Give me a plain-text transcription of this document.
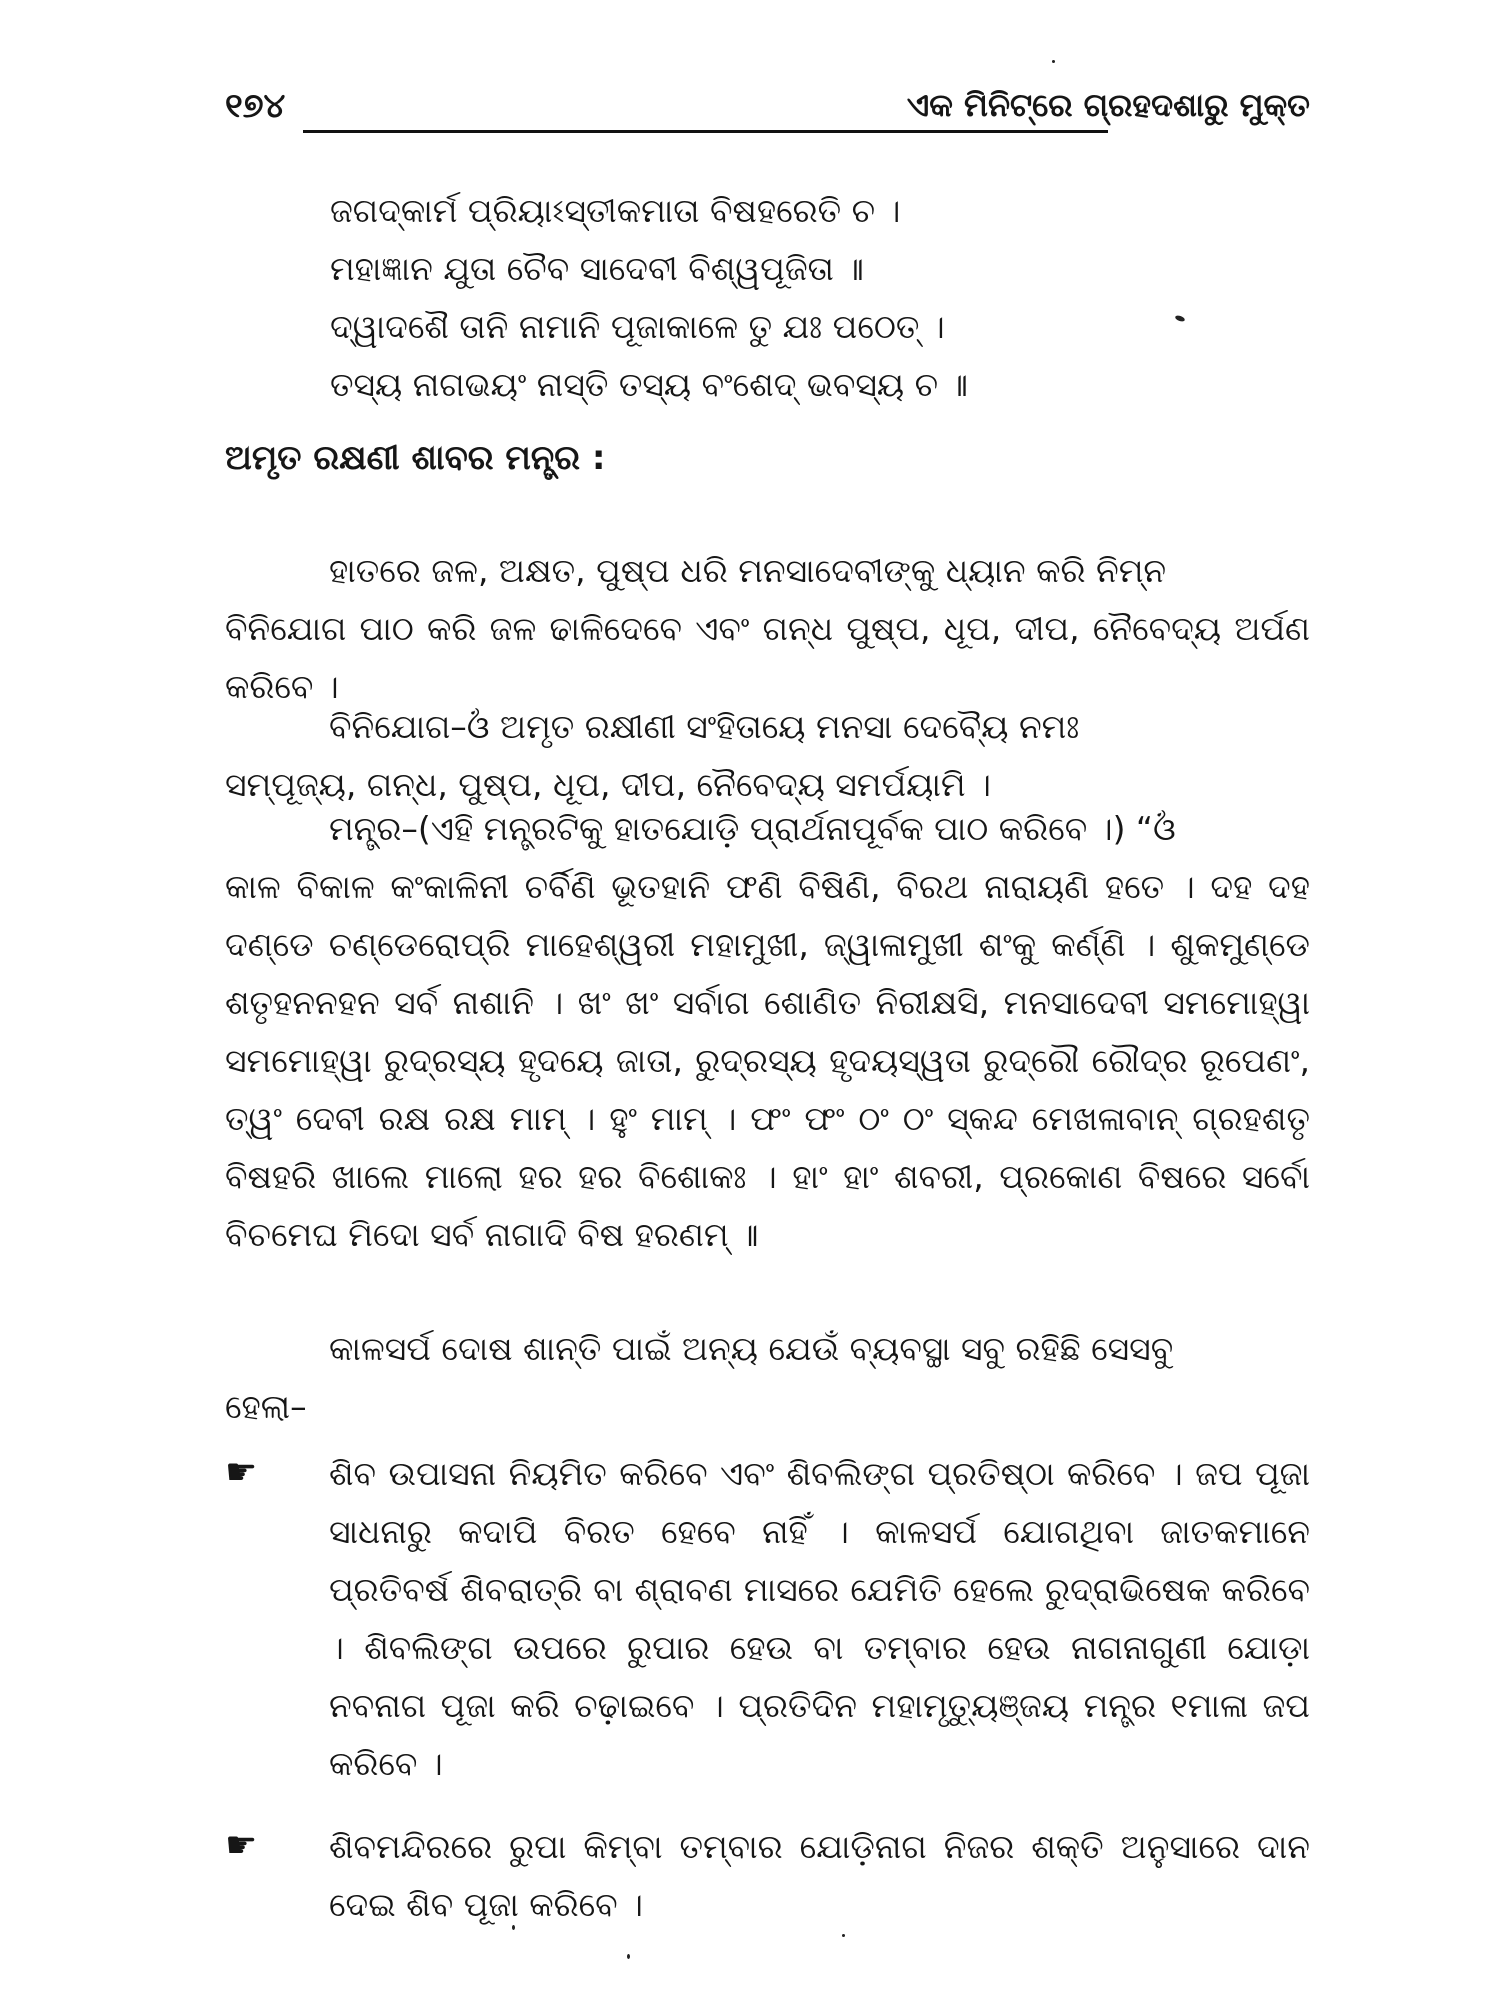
୧୭୪	ଏକ ମିନିଟ୍‌ରେ ଗ୍ରହଦଶାରୁ ମୁକ୍ତ
ଜଗଦ୍‌କାର୍ମ ପ୍ରିୟାଽସ୍ତୀକମାତା ବିଷହରେତି ଚ ।
ମହାଜ୍ଞାନ ଯୁତା ଚୈବ ସାଦେବୀ ବିଶ୍ୱପୂଜିତା ॥
ଦ୍ୱାଦଶୈ ତାନି ନାମାନି ପୂଜାକାଳେ ତୁ ଯଃ ପଠେତ୍ ।
ତସ୍ୟ ନାଗଭୟଂ ନାସ୍ତି ତସ୍ୟ ବଂଶେଦ୍ ଭବସ୍ୟ ଚ ॥
ଅମୃତ ରକ୍ଷଣୀ ଶାବର ମନ୍ତ୍ର :
ହାତରେ ଜଳ, ଅକ୍ଷତ, ପୁଷ୍ପ ଧରି ମନସାଦେବୀଙ୍କୁ ଧ୍ୟାନ କରି ନିମ୍ନ
ବିନିଯୋଗ ପାଠ କରି ଜଳ ଢାଳିଦେବେ ଏବଂ ଗନ୍ଧ ପୁଷ୍ପ, ଧୂପ, ଦୀପ, ନୈବେଦ୍ୟ ଅର୍ପଣ କରିବେ ।
ବିନିଯୋଗ–ଓଁ ଅମୃତ ରକ୍ଷୀଣୀ ସଂହିତାୟେ ମନସା ଦେବ୍ୟୈ ନମଃ
ସମ୍ପୂଜ୍ୟ, ଗନ୍ଧ, ପୁଷ୍ପ, ଧୂପ, ଦୀପ, ନୈବେଦ୍ୟ ସମର୍ପୟାମି ।
ମନ୍ତ୍ର–(ଏହି ମନ୍ତ୍ରଟିକୁ ହାତଯୋଡ଼ି ପ୍ରାର୍ଥନାପୂର୍ବକ ପାଠ କରିବେ ।) “ଓଁ
କାଳ ବିକାଳ କଂକାଳିନୀ ଚର୍ବିଣି ଭୂତହାନି ଫଣି ବିଷିଣି, ବିରଥ ନାରାୟଣି ହତେ । ଦହ ଦହ ଦଣ୍ଡେ ଚଣ୍ଡେରୋପ୍ରି ମାହେଶ୍ୱରୀ ମହାମୁଖୀ, ଜ୍ୱାଳାମୁଖୀ ଶଂକୁ କର୍ଣ୍ଣି । ଶୁକମୁଣ୍ଡେ ଶତୃହନନହନ ସର୍ବ ନାଶାନି । ଖଂ ଖଂ ସର୍ବାଗ ଶୋଣିତ ନିରୀକ୍ଷସି, ମନସାଦେବୀ ସମମୋହ୍ୱା ସମମୋହ୍ୱା ରୁଦ୍ରସ୍ୟ ହୃଦୟେ ଜାତା, ରୁଦ୍ରସ୍ୟ ହୃଦୟସ୍ୱତା ରୁଦ୍ରୌ ରୌଦ୍ର ରୂପେଣଂ, ତ୍ୱଂ ଦେବୀ ରକ୍ଷ ରକ୍ଷ ମାମ୍ । ହୁଂ ମାମ୍ । ଫଂ ଫଂ ଠଂ ଠଂ ସ୍କନ୍ଦ ମେଖଳାବାନ୍ ଗ୍ରହଶତୃ ବିଷହରି ଖାଲେ ମାଲୋ ହର ହର ବିଶୋକଃ । ହାଂ ହାଂ ଶବରୀ, ପ୍ରକୋଣ ବିଷରେ ସର୍ବୋ ବିଚମେଘ ମିଦୋ ସର୍ବ ନାଗାଦି ବିଷ ହରଣମ୍ ॥
କାଳସର୍ପ ଦୋଷ ଶାନ୍ତି ପାଇଁ ଅନ୍ୟ ଯେଉଁ ବ୍ୟବସ୍ଥା ସବୁ ରହିଛି ସେସବୁ
ହେଲା–
☛ ଶିବ ଉପାସନା ନିୟମିତ କରିବେ ଏବଂ ଶିବଲିଙ୍ଗ ପ୍ରତିଷ୍ଠା କରିବେ । ଜପ ପୂଜା ସାଧନାରୁ କଦାପି ବିରତ ହେବେ ନାହିଁ । କାଳସର୍ପ ଯୋଗଥିବା ଜାତକମାନେ ପ୍ରତିବର୍ଷ ଶିବରାତ୍ରି ବା ଶ୍ରାବଣ ମାସରେ ଯେମିତି ହେଲେ ରୁଦ୍ରାଭିଷେକ କରିବେ । ଶିବଲିଙ୍ଗ ଉପରେ ରୁପାର ହେଉ ବା ତମ୍ବାର ହେଉ ନାଗନାଗୁଣୀ ଯୋଡ଼ା ନବନାଗ ପୂଜା କରି ଚଢ଼ାଇବେ । ପ୍ରତିଦିନ ମହାମୃତ୍ୟୁଞ୍ଜୟ ମନ୍ତ୍ର ୧ମାଳା ଜପ କରିବେ ।
☛ ଶିବମନ୍ଦିରରେ ରୁପା କିମ୍ବା ତମ୍ବାର ଯୋଡ଼ିନାଗ ନିଜର ଶକ୍ତି ଅନୁସାରେ ଦାନ ଦେଇ ଶିବ ପୂଜା କରିବେ ।
